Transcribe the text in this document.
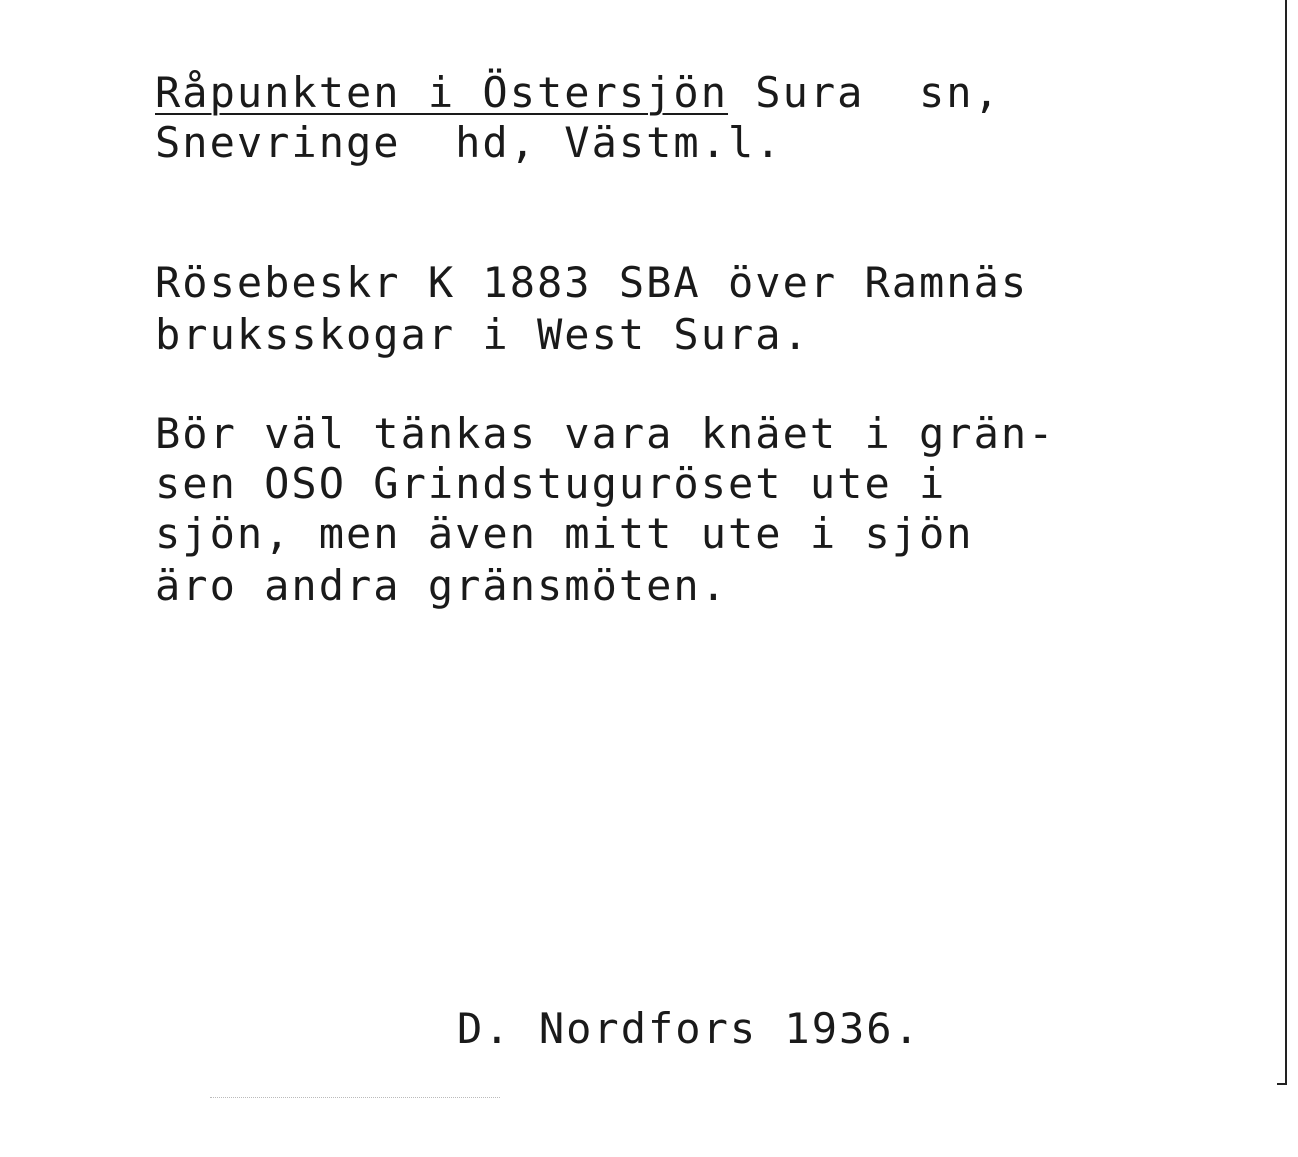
Råpunkten i Östersjön Sura  sn,
Snevringe  hd, Västm.l.
Rösebeskr K 1883 SBA över Ramnäs
bruksskogar i West Sura.
Bör väl tänkas vara knäet i grän-
sen OSO Grindstuguröset ute i
sjön, men även mitt ute i sjön
äro andra gränsmöten.
D. Nordfors 1936.
